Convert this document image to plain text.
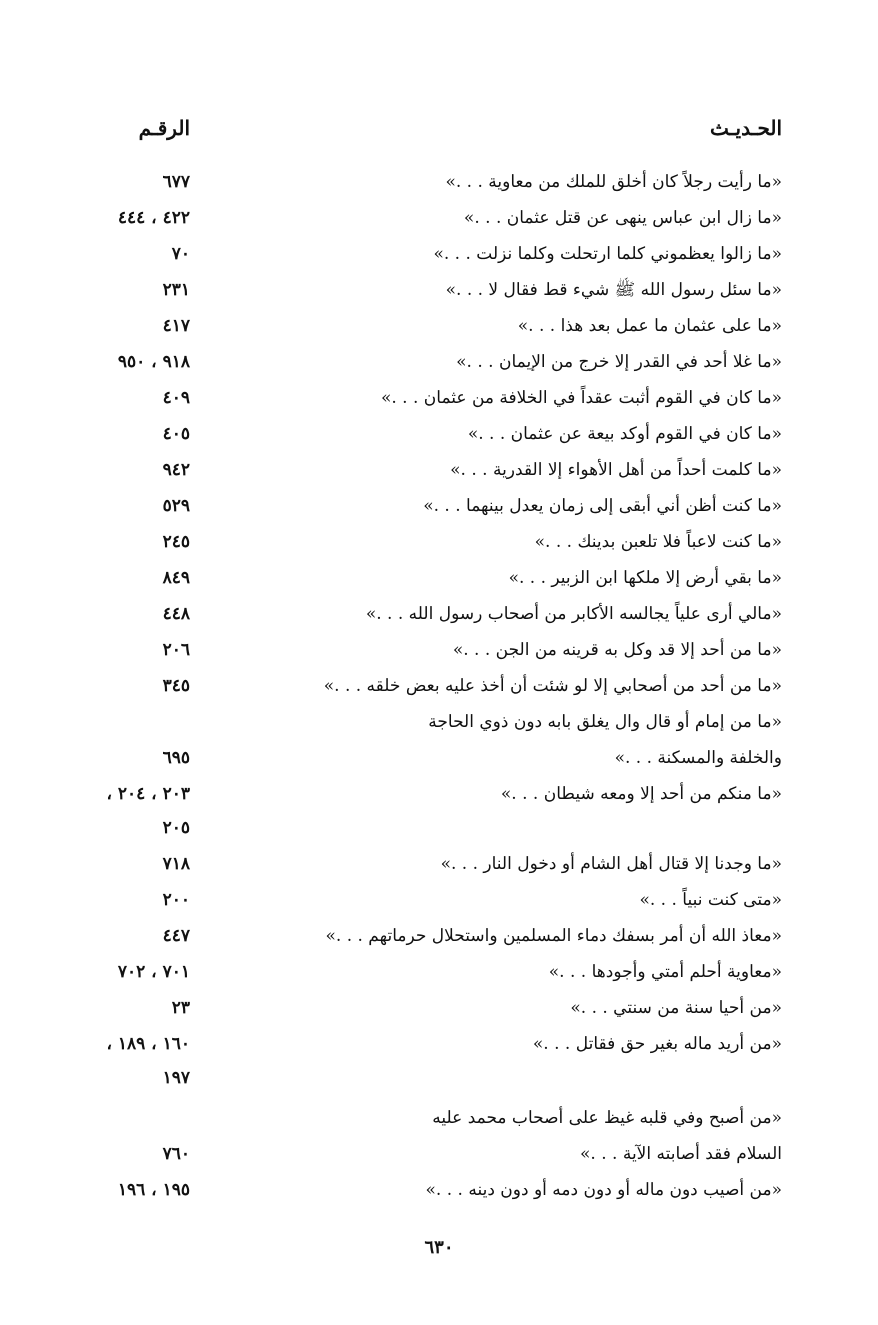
الحـديـث
الرقـم
«ما رأيت رجلاً كان أخلق للملك من معاوية . . .»
٦٧٧
«ما زال ابن عباس ينهى عن قتل عثمان . . .»
٤٢٢ ، ٤٤٤
«ما زالوا يعظموني كلما ارتحلت وكلما نزلت . . .»
٧٠
«ما سئل رسول الله ﷺ شيء قط فقال لا . . .»
٢٣١
«ما على عثمان ما عمل بعد هذا . . .»
٤١٧
«ما غلا أحد في القدر إلا خرج من الإيمان . . .»
٩١٨ ، ٩٥٠
«ما كان في القوم أثبت عقداً في الخلافة من عثمان . . .»
٤٠٩
«ما كان في القوم أوكد بيعة عن عثمان . . .»
٤٠٥
«ما كلمت أحداً من أهل الأهواء إلا القدرية . . .»
٩٤٢
«ما كنت أظن أني أبقى إلى زمان يعدل بينهما . . .»
٥٢٩
«ما كنت لاعباً فلا تلعبن بدينك . . .»
٢٤٥
«ما بقي أرض إلا ملكها ابن الزبير . . .»
٨٤٩
«مالي أرى علياً يجالسه الأكابر من أصحاب رسول الله . . .»
٤٤٨
«ما من أحد إلا قد وكل به قرينه من الجن . . .»
٢٠٦
«ما من أحد من أصحابي إلا لو شئت أن أخذ عليه بعض خلقه . . .»
٣٤٥
«ما من إمام أو قال وال يغلق بابه دون ذوي الحاجة
والخلفة والمسكنة . . .»
٦٩٥
«ما منكم من أحد إلا ومعه شيطان . . .»
٢٠٣ ، ٢٠٤ ،
٢٠٥
«ما وجدنا إلا قتال أهل الشام أو دخول النار . . .»
٧١٨
«متى كنت نبياً . . .»
٢٠٠
«معاذ الله أن أمر بسفك دماء المسلمين واستحلال حرماتهم . . .»
٤٤٧
«معاوية أحلم أمتي وأجودها . . .»
٧٠١ ، ٧٠٢
«من أحيا سنة من سنتي . . .»
٢٣
«من أريد ماله بغير حق فقاتل . . .»
١٦٠ ، ١٨٩ ،
١٩٧
«من أصبح وفي قلبه غيظ على أصحاب محمد عليه
السلام فقد أصابته الآية . . .»
٧٦٠
«من أصيب دون ماله أو دون دمه أو دون دينه . . .»
١٩٥ ، ١٩٦
٦٣٠
